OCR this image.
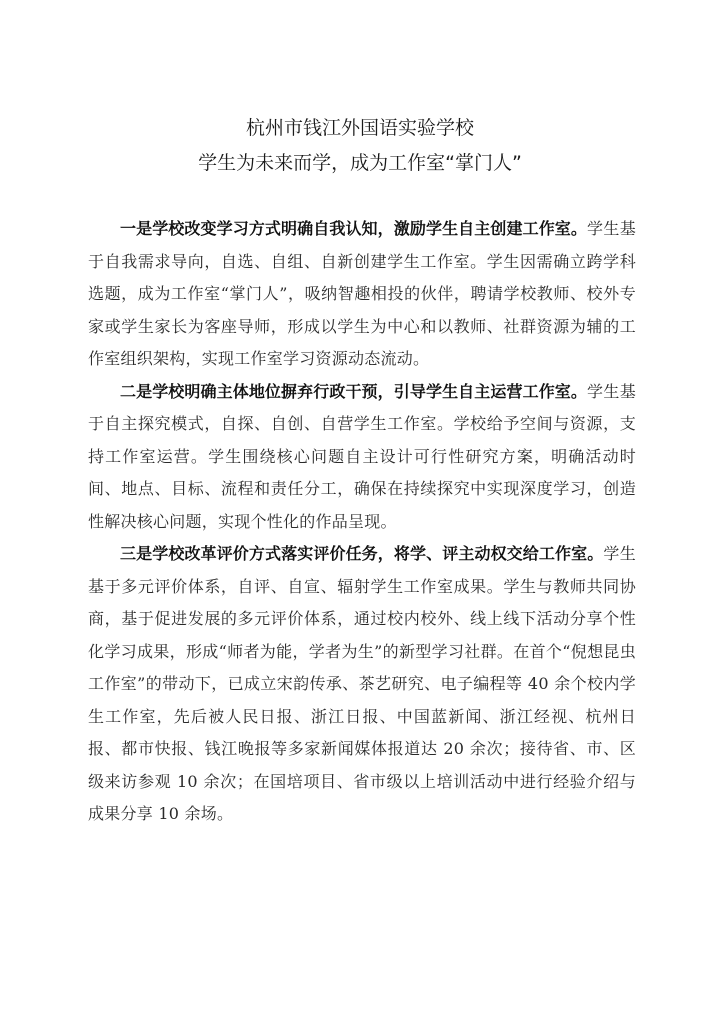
杭州市钱江外国语实验学校
学生为未来而学，成为工作室“掌门人”

一是学校改变学习方式明确自我认知，激励学生自主创建工作室。学生基于自我需求导向，自选、自组、自新创建学生工作室。学生因需确立跨学科选题，成为工作室“掌门人”，吸纳智趣相投的伙伴，聘请学校教师、校外专家或学生家长为客座导师，形成以学生为中心和以教师、社群资源为辅的工作室组织架构，实现工作室学习资源动态流动。

二是学校明确主体地位摒弃行政干预，引导学生自主运营工作室。学生基于自主探究模式，自探、自创、自营学生工作室。学校给予空间与资源，支持工作室运营。学生围绕核心问题自主设计可行性研究方案，明确活动时间、地点、目标、流程和责任分工，确保在持续探究中实现深度学习，创造性解决核心问题，实现个性化的作品呈现。

三是学校改革评价方式落实评价任务，将学、评主动权交给工作室。学生基于多元评价体系，自评、自宣、辐射学生工作室成果。学生与教师共同协商，基于促进发展的多元评价体系，通过校内校外、线上线下活动分享个性化学习成果，形成“师者为能，学者为生”的新型学习社群。在首个“倪想昆虫工作室”的带动下，已成立宋韵传承、茶艺研究、电子编程等 40 余个校内学生工作室，先后被人民日报、浙江日报、中国蓝新闻、浙江经视、杭州日报、都市快报、钱江晚报等多家新闻媒体报道达 20 余次；接待省、市、区级来访参观 10 余次；在国培项目、省市级以上培训活动中进行经验介绍与成果分享 10 余场。
